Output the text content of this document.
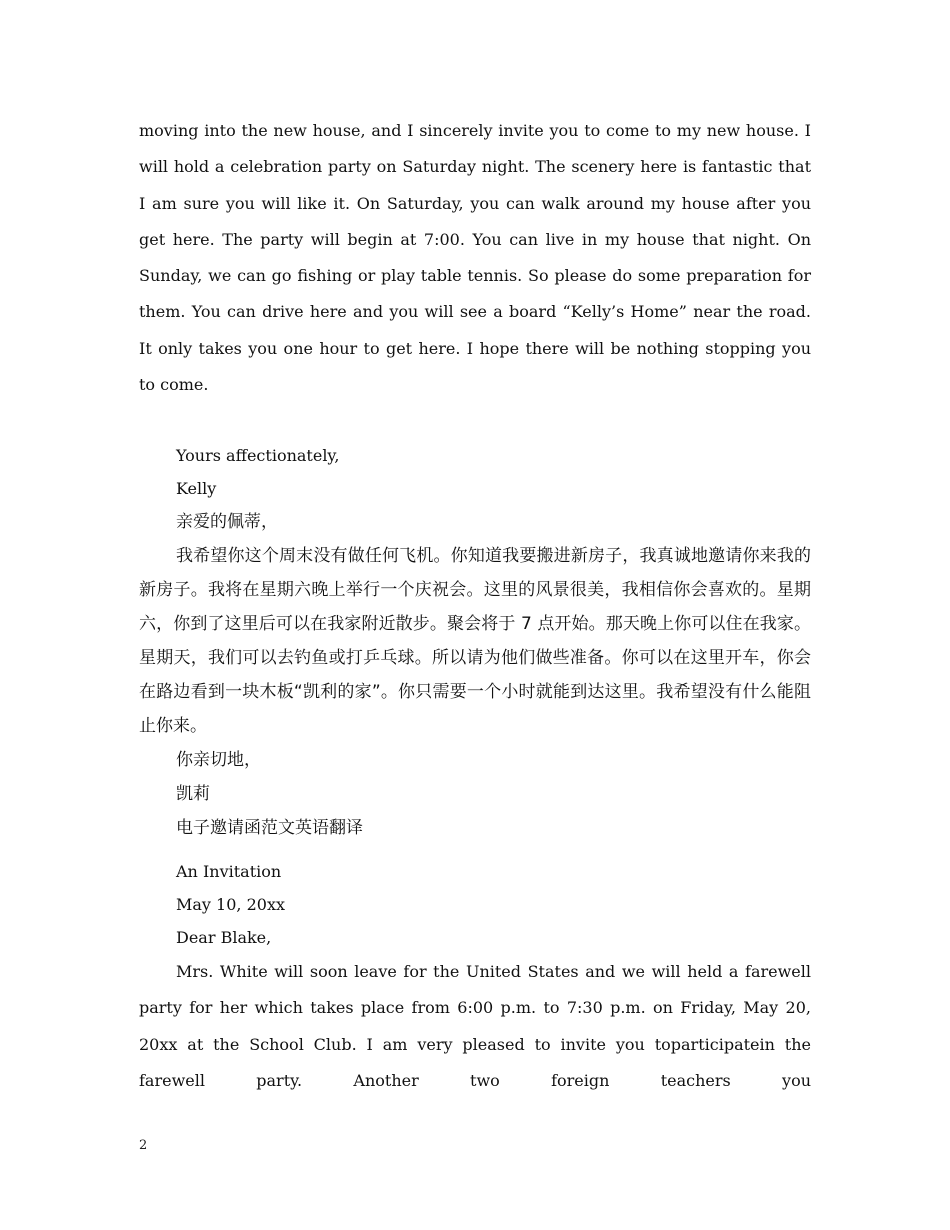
moving into the new house, and I sincerely invite you to come to my new house. I will hold a celebration party on Saturday night. The scenery here is fantastic that I am sure you will like it. On Saturday, you can walk around my house after you get here. The party will begin at 7:00. You can live in my house that night. On Sunday, we can go fishing or play table tennis. So please do some preparation for them. You can drive here and you will see a board “Kelly’s Home” near the road. It only takes you one hour to get here. I hope there will be nothing stopping you to come.

Yours affectionately,

Kelly

亲爱的佩蒂，

我希望你这个周末没有做任何飞机。你知道我要搬进新房子，我真诚地邀请你来我的新房子。我将在星期六晚上举行一个庆祝会。这里的风景很美，我相信你会喜欢的。星期六，你到了这里后可以在我家附近散步。聚会将于 7 点开始。那天晚上你可以住在我家。星期天，我们可以去钓鱼或打乒乓球。所以请为他们做些准备。你可以在这里开车，你会在路边看到一块木板“凯利的家”。你只需要一个小时就能到达这里。我希望没有什么能阻止你来。

你亲切地，

凯莉

电子邀请函范文英语翻译

An Invitation

May 10, 20xx

Dear Blake,

Mrs. White will soon leave for the United States and we will held a farewell party for her which takes place from 6:00 p.m. to 7:30 p.m. on Friday, May 20, 20xx at the School Club. I am very pleased to invite you toparticipatein the farewell party. Another two foreign teachers you

2
